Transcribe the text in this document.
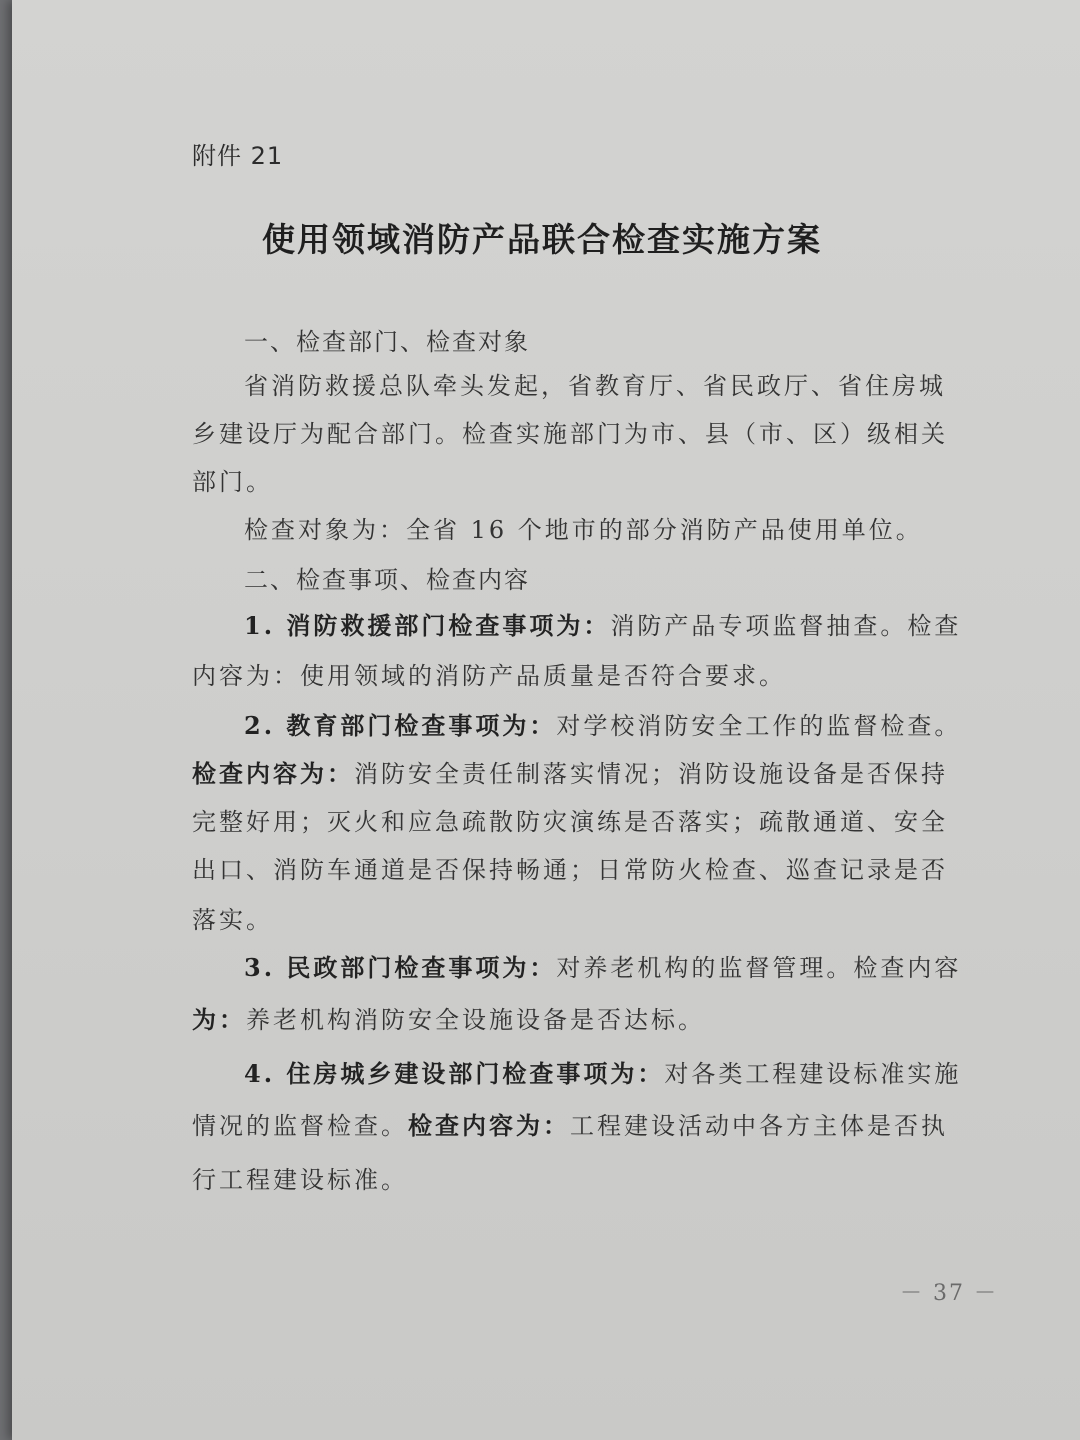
附件 21
使用领域消防产品联合检查实施方案
一、检查部门、检查对象
省消防救援总队牵头发起，省教育厅、省民政厅、省住房城
乡建设厅为配合部门。检查实施部门为市、县（市、区）级相关
部门。
检查对象为：全省 16 个地市的部分消防产品使用单位。
二、检查事项、检查内容
1. 消防救援部门检查事项为：消防产品专项监督抽查。检查
内容为：使用领域的消防产品质量是否符合要求。
2. 教育部门检查事项为：对学校消防安全工作的监督检查。
检查内容为：消防安全责任制落实情况；消防设施设备是否保持
完整好用；灭火和应急疏散防灾演练是否落实；疏散通道、安全
出口、消防车通道是否保持畅通；日常防火检查、巡查记录是否
落实。
3. 民政部门检查事项为：对养老机构的监督管理。检查内容
为：养老机构消防安全设施设备是否达标。
4. 住房城乡建设部门检查事项为：对各类工程建设标准实施
情况的监督检查。检查内容为：工程建设活动中各方主体是否执
行工程建设标准。
－ 37 －
